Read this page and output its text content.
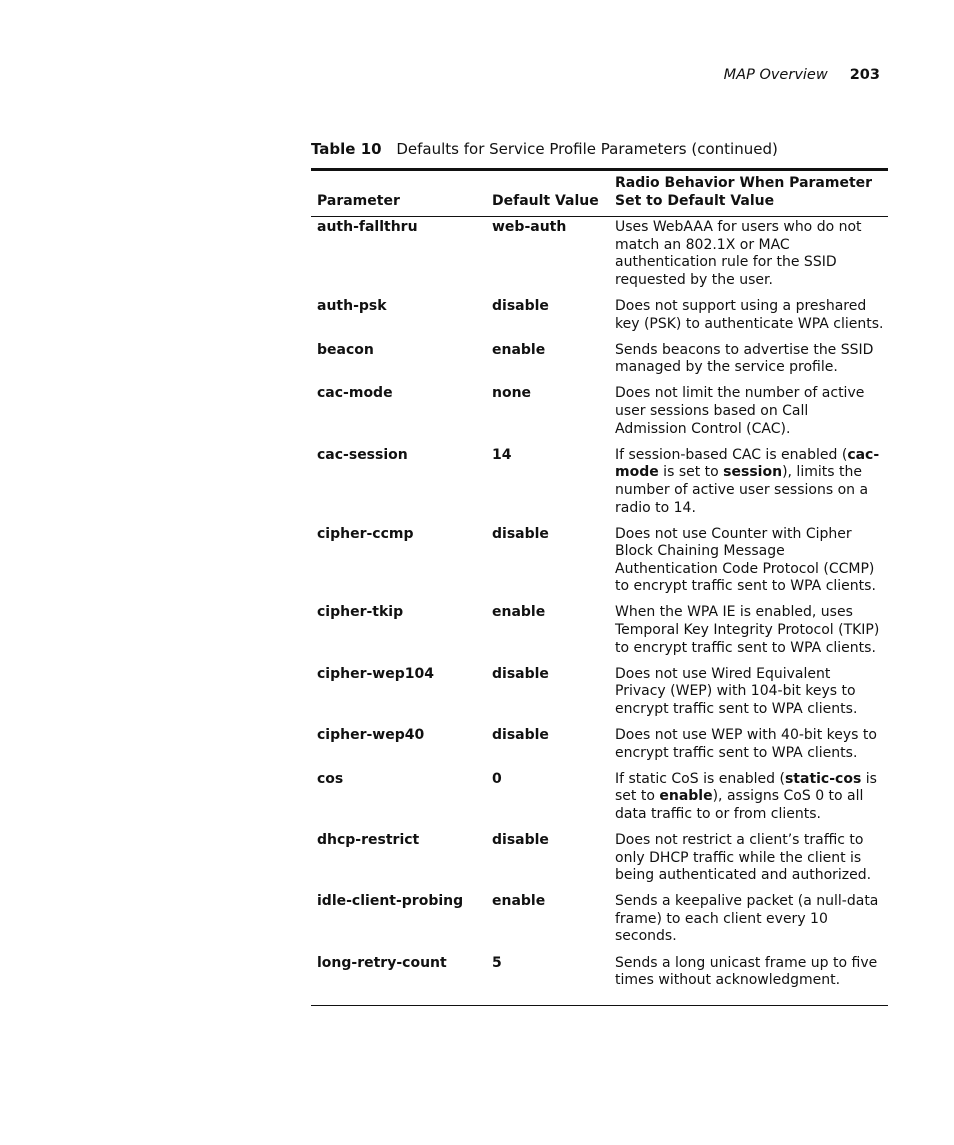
MAP Overview 203
Table 10 Defaults for Service Profile Parameters (continued)
Parameter	Default Value	Radio Behavior When Parameter Set to Default Value
auth-fallthru	web-auth	Uses WebAAA for users who do not match an 802.1X or MAC authentication rule for the SSID requested by the user.
auth-psk	disable	Does not support using a preshared key (PSK) to authenticate WPA clients.
beacon	enable	Sends beacons to advertise the SSID managed by the service profile.
cac-mode	none	Does not limit the number of active user sessions based on Call Admission Control (CAC).
cac-session	14	If session-based CAC is enabled (cac-mode is set to session), limits the number of active user sessions on a radio to 14.
cipher-ccmp	disable	Does not use Counter with Cipher Block Chaining Message Authentication Code Protocol (CCMP) to encrypt traffic sent to WPA clients.
cipher-tkip	enable	When the WPA IE is enabled, uses Temporal Key Integrity Protocol (TKIP) to encrypt traffic sent to WPA clients.
cipher-wep104	disable	Does not use Wired Equivalent Privacy (WEP) with 104-bit keys to encrypt traffic sent to WPA clients.
cipher-wep40	disable	Does not use WEP with 40-bit keys to encrypt traffic sent to WPA clients.
cos	0	If static CoS is enabled (static-cos is set to enable), assigns CoS 0 to all data traffic to or from clients.
dhcp-restrict	disable	Does not restrict a client’s traffic to only DHCP traffic while the client is being authenticated and authorized.
idle-client-probing	enable	Sends a keepalive packet (a null-data frame) to each client every 10 seconds.
long-retry-count	5	Sends a long unicast frame up to five times without acknowledgment.
